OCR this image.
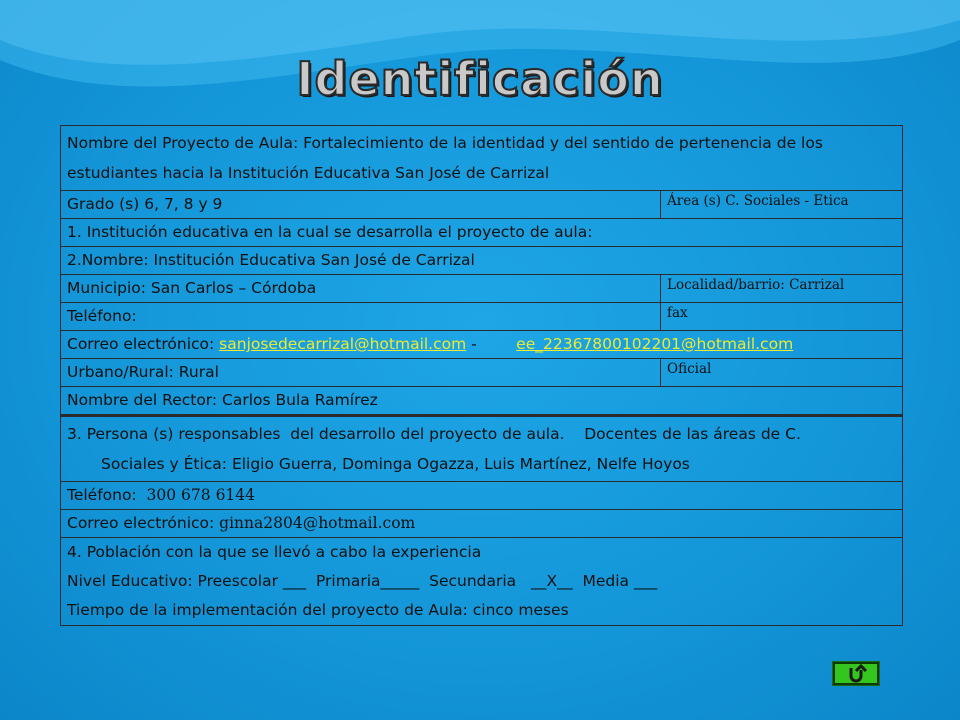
Identificación
Nombre del Proyecto de Aula: Fortalecimiento de la identidad y del sentido de pertenencia de los estudiantes hacia la Institución Educativa San José de Carrizal
Grado (s) 6, 7, 8 y 9	Área (s) C. Sociales - Etica
1. Institución educativa en la cual se desarrolla el proyecto de aula:
2.Nombre: Institución Educativa San José de Carrizal
Municipio: San Carlos – Córdoba	Localidad/barrio: Carrizal
Teléfono:	fax
Correo electrónico: sanjosedecarrizal@hotmail.com -        ee_22367800102201@hotmail.com
Urbano/Rural: Rural	Oficial
Nombre del Rector: Carlos Bula Ramírez
3. Persona (s) responsables  del desarrollo del proyecto de aula.    Docentes de las áreas de C.
Sociales y Ética: Eligio Guerra, Dominga Ogazza, Luis Martínez, Nelfe Hoyos
Teléfono:  300 678 6144
Correo electrónico: ginna2804@hotmail.com
4. Población con la que se llevó a cabo la experiencia
Nivel Educativo: Preescolar ___  Primaria_____  Secundaria   __X__  Media ___
Tiempo de la implementación del proyecto de Aula: cinco meses
